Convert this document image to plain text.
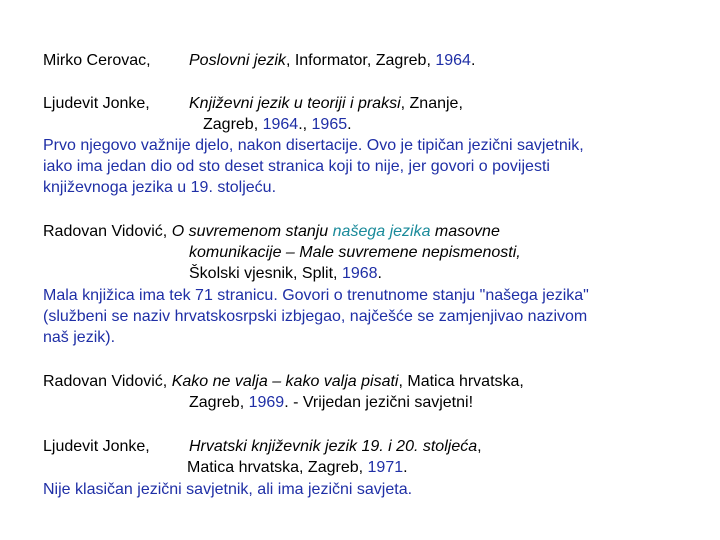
Mirko Cerovac, Poslovni jezik, Informator, Zagreb, 1964.
Ljudevit Jonke, Književni jezik u teoriji i praksi, Znanje,
Zagreb, 1964., 1965.
Prvo njegovo važnije djelo, nakon disertacije. Ovo je tipičan jezični savjetnik,
iako ima jedan dio od sto deset stranica koji to nije, jer govori o povijesti
književnoga jezika u 19. stoljeću.
Radovan Vidović, O suvremenom stanju našega jezika masovne
komunikacije – Male suvremene nepismenosti,
Školski vjesnik, Split, 1968.
Mala knjižica ima tek 71 stranicu. Govori o trenutnome stanju "našega jezika"
(službeni se naziv hrvatskosrpski izbjegao, najčešće se zamjenjivao nazivom
naš jezik).
Radovan Vidović, Kako ne valja – kako valja pisati, Matica hrvatska,
Zagreb, 1969. - Vrijedan jezični savjetni!
Ljudevit Jonke, Hrvatski književnik jezik 19. i 20. stoljeća,
Matica hrvatska, Zagreb, 1971.
Nije klasičan jezični savjetnik, ali ima jezični savjeta.
